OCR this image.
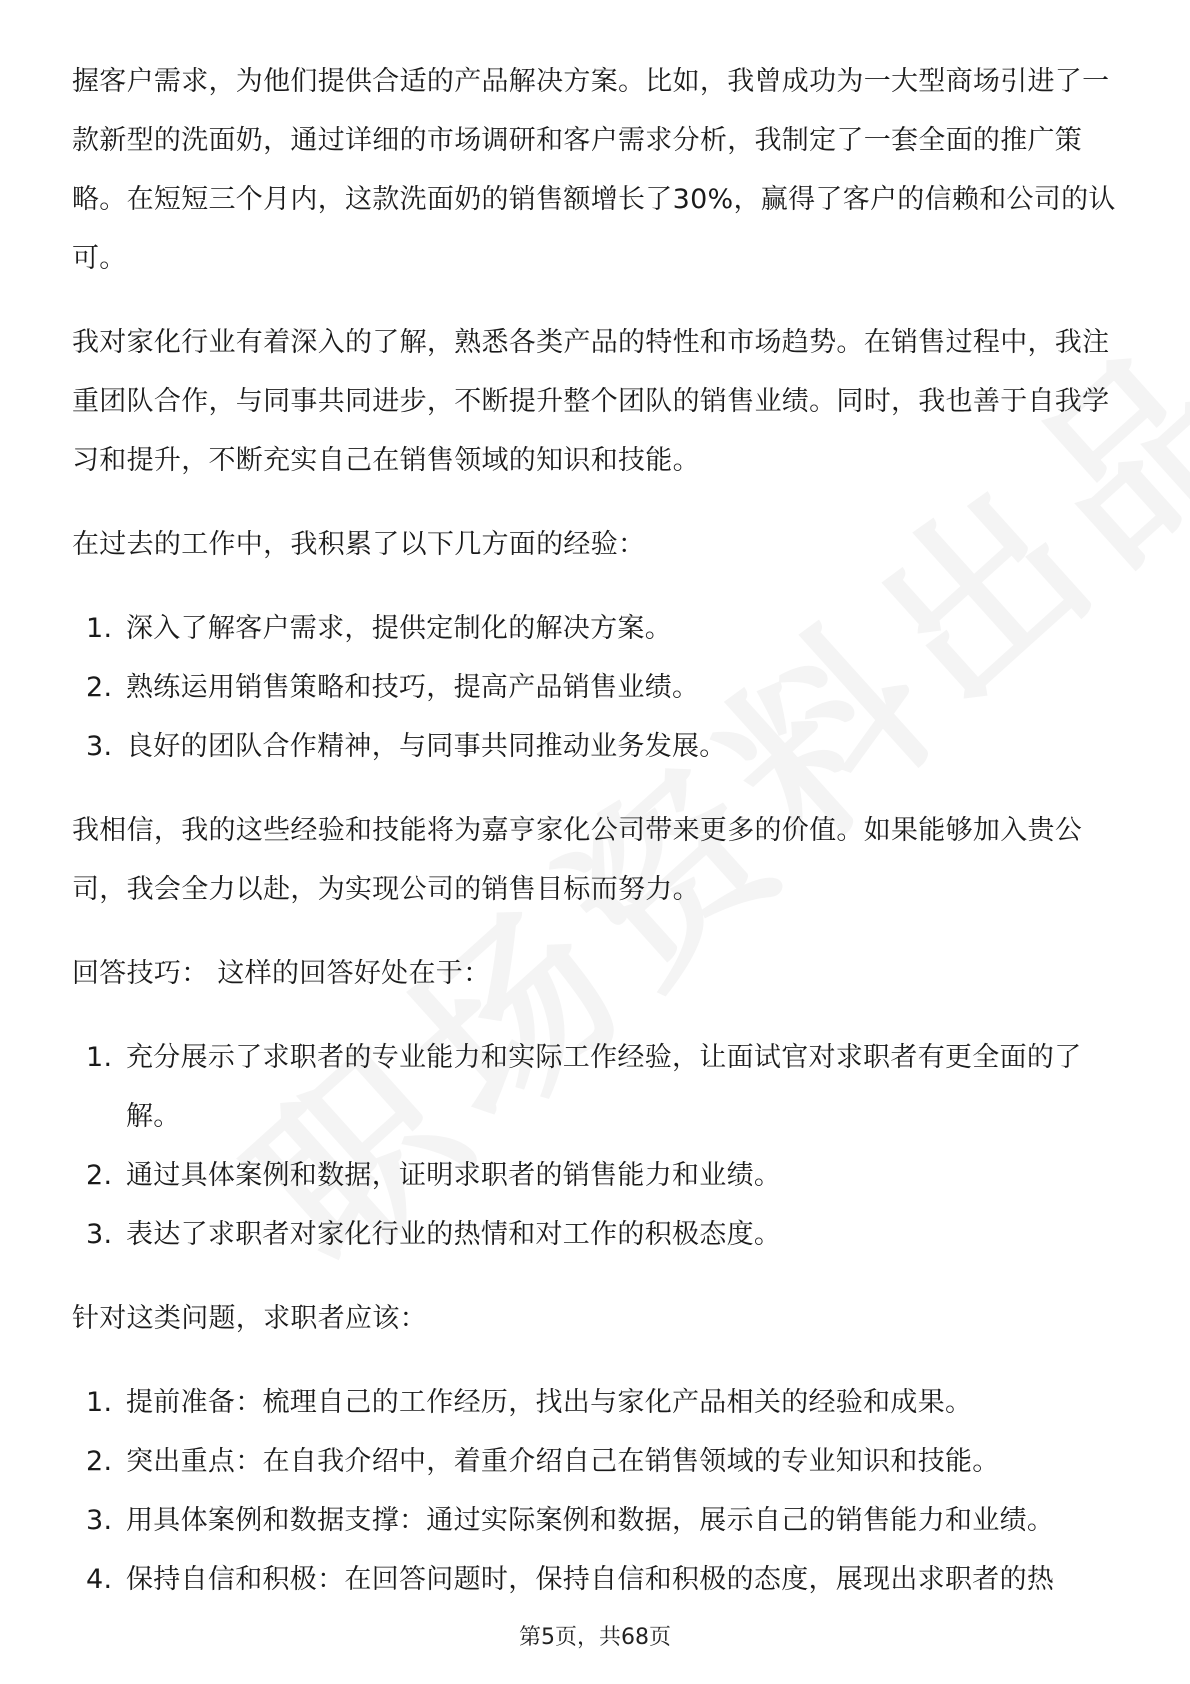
握客户需求，为他们提供合适的产品解决方案。比如，我曾成功为一大型商场引进了一款新型的洗面奶，通过详细的市场调研和客户需求分析，我制定了一套全面的推广策略。在短短三个月内，这款洗面奶的销售额增长了30%，赢得了客户的信赖和公司的认可。

我对家化行业有着深入的了解，熟悉各类产品的特性和市场趋势。在销售过程中，我注重团队合作，与同事共同进步，不断提升整个团队的销售业绩。同时，我也善于自我学习和提升，不断充实自己在销售领域的知识和技能。

在过去的工作中，我积累了以下几方面的经验：

1. 深入了解客户需求，提供定制化的解决方案。
2. 熟练运用销售策略和技巧，提高产品销售业绩。
3. 良好的团队合作精神，与同事共同推动业务发展。

我相信，我的这些经验和技能将为嘉亨家化公司带来更多的价值。如果能够加入贵公司，我会全力以赴，为实现公司的销售目标而努力。

回答技巧： 这样的回答好处在于：

1. 充分展示了求职者的专业能力和实际工作经验，让面试官对求职者有更全面的了解。
2. 通过具体案例和数据，证明求职者的销售能力和业绩。
3. 表达了求职者对家化行业的热情和对工作的积极态度。

针对这类问题，求职者应该：

1. 提前准备：梳理自己的工作经历，找出与家化产品相关的经验和成果。
2. 突出重点：在自我介绍中，着重介绍自己在销售领域的专业知识和技能。
3. 用具体案例和数据支撑：通过实际案例和数据，展示自己的销售能力和业绩。
4. 保持自信和积极：在回答问题时，保持自信和积极的态度，展现出求职者的热
第5页，共68页
